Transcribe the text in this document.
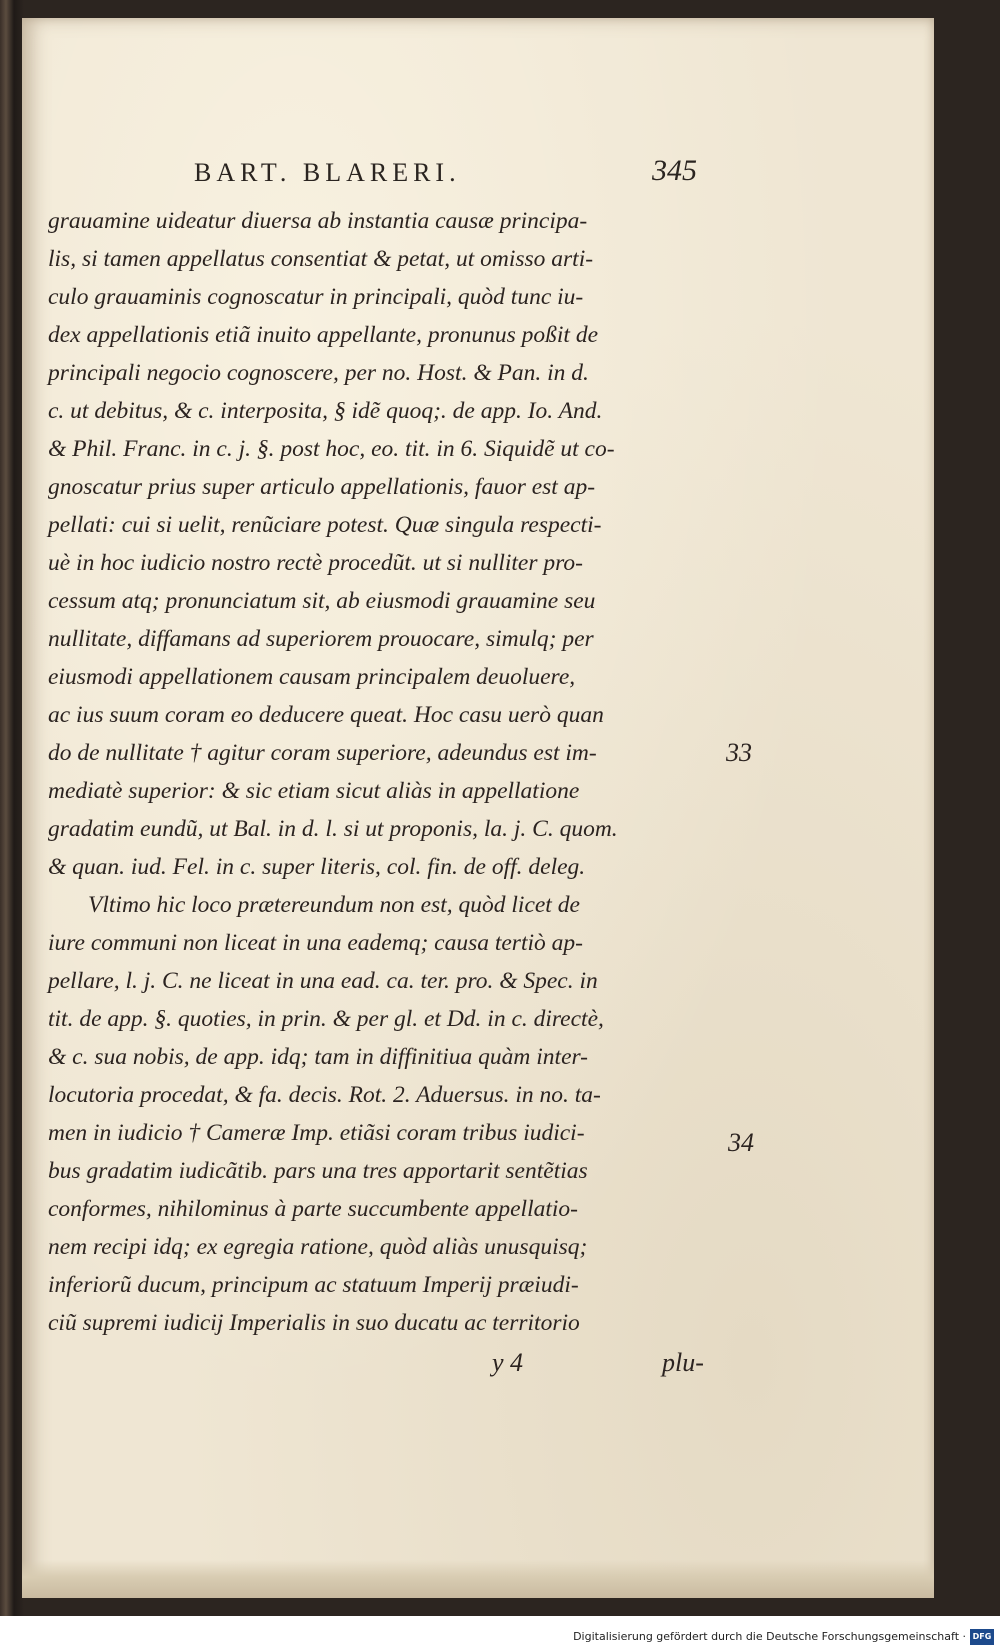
BART. BLARERI.	345
grauamine uideatur diuersa ab instantia causæ principa-
lis, si tamen appellatus consentiat & petat, ut omisso arti-
culo grauaminis cognoscatur in principali, quòd tunc iu-
dex appellationis etiã inuito appellante, pronunus poßit de
principali negocio cognoscere, per no. Host. & Pan. in d.
c. ut debitus, & c. interposita, § idẽ quoq;. de app. Io. And.
& Phil. Franc. in c. j. §. post hoc, eo. tit. in 6. Siquidẽ ut co-
gnoscatur prius super articulo appellationis, fauor est ap-
pellati: cui si uelit, renũciare potest. Quæ singula respecti-
uè in hoc iudicio nostro rectè procedũt. ut si nulliter pro-
cessum atq; pronunciatum sit, ab eiusmodi grauamine seu
nullitate, diffamans ad superiorem prouocare, simulq; per
eiusmodi appellationem causam principalem deuoluere,
ac ius suum coram eo deducere queat. Hoc casu uerò quan
do de nullitate † agitur coram superiore, adeundus est im-
mediatè superior: & sic etiam sicut aliàs in appellatione
gradatim eundũ, ut Bal. in d. l. si ut proponis, la. j. C. quom.
& quan. iud. Fel. in c. super literis, col. fin. de off. deleg.
Vltimo hic loco prætereundum non est, quòd licet de
iure communi non liceat in una eademq; causa tertiò ap-
pellare, l. j. C. ne liceat in una ead. ca. ter. pro. & Spec. in
tit. de app. §. quoties, in prin. & per gl. et Dd. in c. directè,
& c. sua nobis, de app. idq; tam in diffinitiua quàm inter-
locutoria procedat, & fa. decis. Rot. 2. Aduersus. in no. ta-
men in iudicio † Cameræ Imp. etiãsi coram tribus iudici-
bus gradatim iudicãtib. pars una tres apportarit sentẽtias
conformes, nihilominus à parte succumbente appellatio-
nem recipi idq; ex egregia ratione, quòd aliàs unusquisq;
inferiorũ ducum, principum ac statuum Imperij præiudi-
ciũ supremi iudicij Imperialis in suo ducatu ac territorio
33
34
y 4	plu-
Digitalisierung gefördert durch die Deutsche Forschungsgemeinschaft · DFG
